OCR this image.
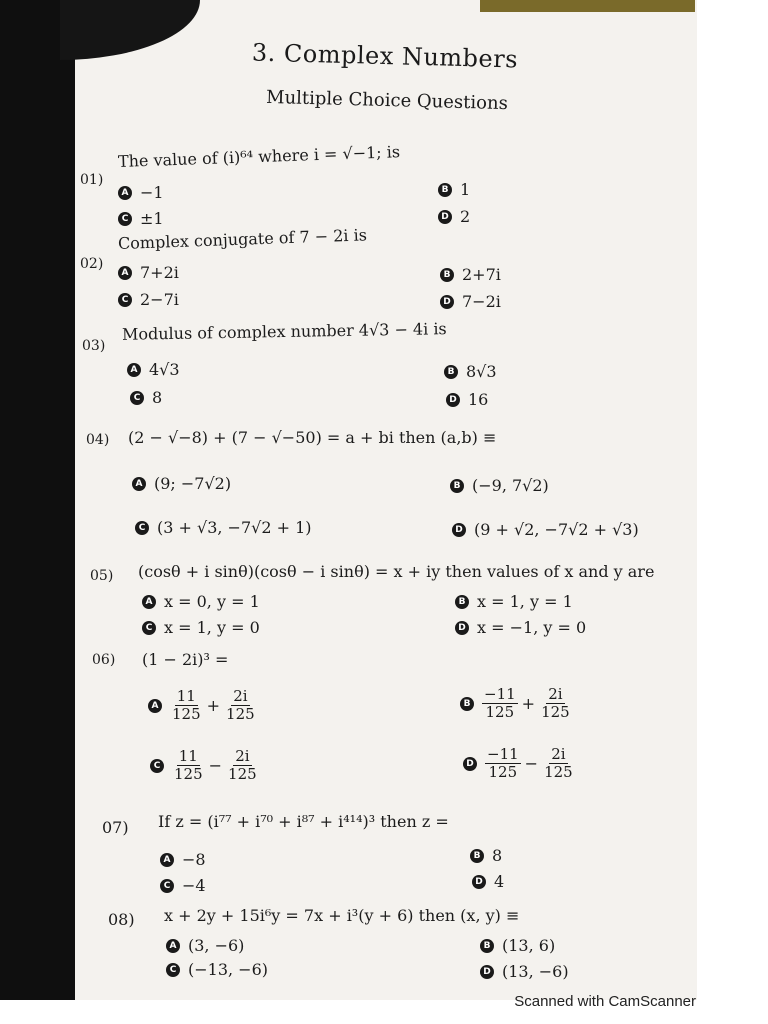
3. Complex Numbers
Multiple Choice Questions
01)
The value of (i)⁶⁴ where i = √−1; is
A −1	B 1
C ±1	D 2
02)
Complex conjugate of 7 − 2i is
A 7+2i	B 2+7i
C 2−7i	D 7−2i
03)
Modulus of complex number 4√3 − 4i is
A 4√3	B 8√3
C 8	D 16
04) (2 − √−8) + (7 − √−50) = a + bi then (a,b) ≡
A (9; −7√2)	B (−9, 7√2)
C (3 + √3, −7√2 + 1)	D (9 + √2, −7√2 + √3)
05) (cosθ + i sinθ)(cosθ − i sinθ) = x + iy then values of x and y are
A x = 0, y = 1	B x = 1, y = 1
C x = 1, y = 0	D x = −1, y = 0
06) (1 − 2i)³ =
A $\frac{11}{125} + \frac{2i}{125}$	B $\frac{-11}{125} + \frac{2i}{125}$
C $\frac{11}{125} - \frac{2i}{125}$	D $\frac{-11}{125} - \frac{2i}{125}$
07) If z = (i⁷⁷ + i⁷⁰ + i⁸⁷ + i⁴¹⁴)³ then z =
A −8	B 8
C −4	D 4
08) x + 2y + 15i⁶y = 7x + i³(y + 6) then (x, y) ≡
A (3, −6)	B (13, 6)
C (−13, −6)	D (13, −6)
Scanned with CamScanner
